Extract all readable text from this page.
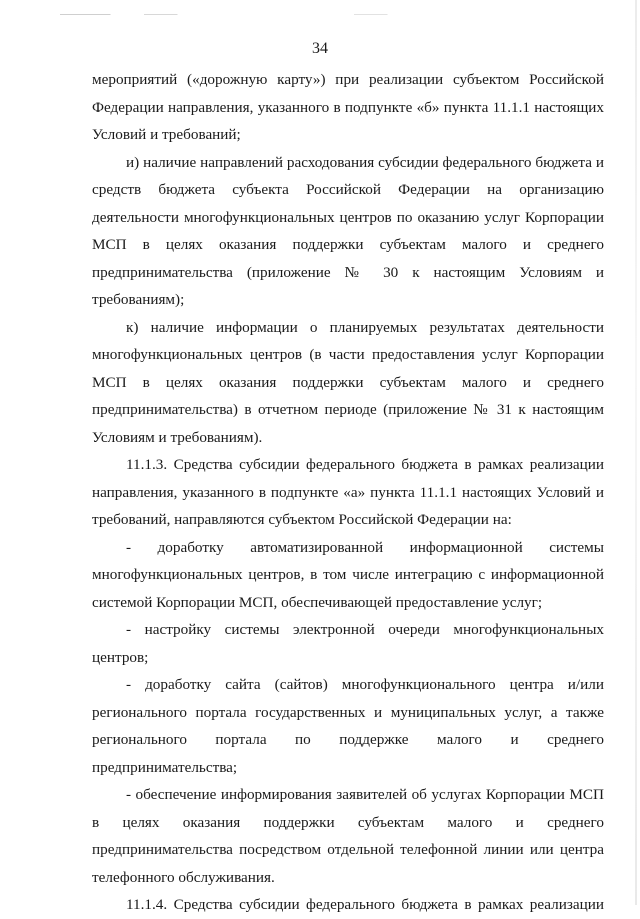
34

мероприятий («дорожную карту») при реализации субъектом Российской Федерации направления, указанного в подпункте «б» пункта 11.1.1 настоящих Условий и требований;

и) наличие направлений расходования субсидии федерального бюджета и средств бюджета субъекта Российской Федерации на организацию деятельности многофункциональных центров по оказанию услуг Корпорации МСП в целях оказания поддержки субъектам малого и среднего предпринимательства (приложение № 30 к настоящим Условиям и требованиям);

к) наличие информации о планируемых результатах деятельности многофункциональных центров (в части предоставления услуг Корпорации МСП в целях оказания поддержки субъектам малого и среднего предпринимательства) в отчетном периоде (приложение № 31 к настоящим Условиям и требованиям).

11.1.3. Средства субсидии федерального бюджета в рамках реализации направления, указанного в подпункте «а» пункта 11.1.1 настоящих Условий и требований, направляются субъектом Российской Федерации на:

- доработку автоматизированной информационной системы многофункциональных центров, в том числе интеграцию с информационной системой Корпорации МСП, обеспечивающей предоставление услуг;

- настройку системы электронной очереди многофункциональных центров;

- доработку сайта (сайтов) многофункционального центра и/или регионального портала государственных и муниципальных услуг, а также регионального портала по поддержке малого и среднего предпринимательства;

- обеспечение информирования заявителей об услугах Корпорации МСП в целях оказания поддержки субъектам малого и среднего предпринимательства посредством отдельной телефонной линии или центра телефонного обслуживания.

11.1.4. Средства субсидии федерального бюджета в рамках реализации
